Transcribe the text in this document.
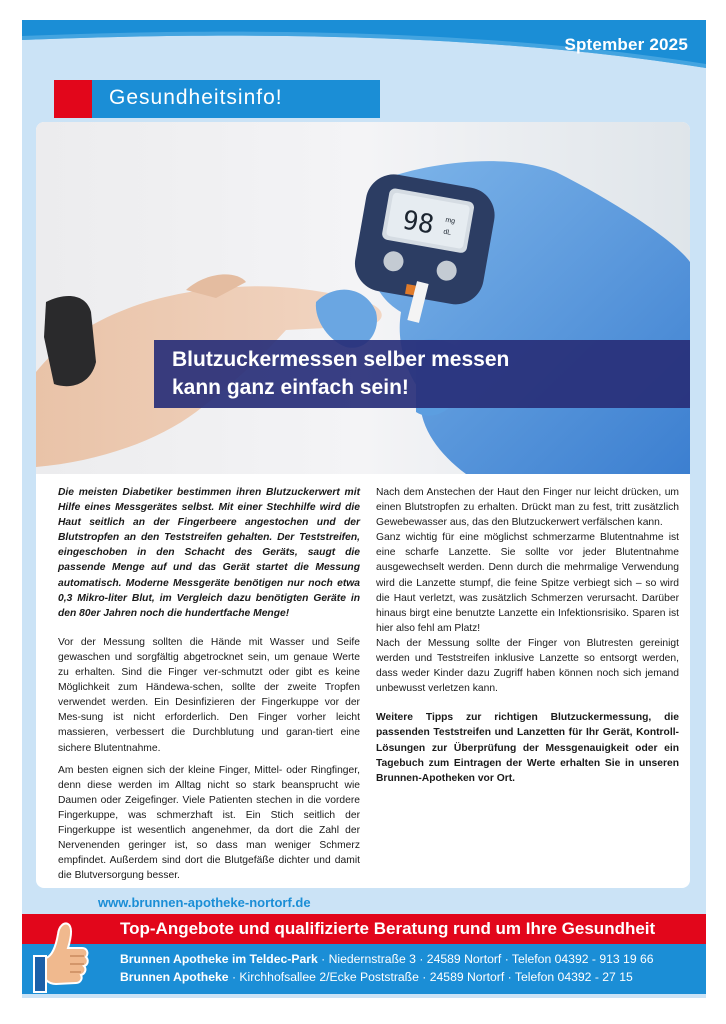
Sptember 2025
Gesundheitsinfo!
98 mg
dL
Blutzuckermessen selber messen
kann ganz einfach sein!

Die meisten Diabetiker bestimmen ihren Blutzuckerwert mit Hilfe eines Messgerätes selbst. Mit einer Stechhilfe wird die Haut seitlich an der Fingerbeere angestochen und der Blutstropfen an den Teststreifen gehalten. Der Teststreifen, eingeschoben in den Schacht des Geräts, saugt die passende Menge auf und das Gerät startet die Messung automatisch. Moderne Messgeräte benötigen nur noch etwa 0,3 Mikro-liter Blut, im Vergleich dazu benötigten Geräte in den 80er Jahren noch die hundertfache Menge!

Vor der Messung sollten die Hände mit Wasser und Seife gewaschen und sorgfältig abgetrocknet sein, um genaue Werte zu erhalten. Sind die Finger ver-schmutzt oder gibt es keine Möglichkeit zum Händewa-schen, sollte der zweite Tropfen verwendet werden. Ein Desinfizieren der Fingerkuppe vor der Mes-sung ist nicht erforderlich. Den Finger vorher leicht massieren, verbessert die Durchblutung und garan-tiert eine sichere Blutentnahme.

Am besten eignen sich der kleine Finger, Mittel- oder Ringfinger, denn diese werden im Alltag nicht so stark beansprucht wie Daumen oder Zeigefinger. Viele Patienten stechen in die vordere Fingerkuppe, was schmerzhaft ist. Ein Stich seitlich der Fingerkuppe ist wesentlich angenehmer, da dort die Zahl der Nervenenden geringer ist, so dass man weniger Schmerz empfindet. Außerdem sind dort die Blutgefäße dichter und damit die Blutversorgung besser.

Nach dem Anstechen der Haut den Finger nur leicht drücken, um einen Blutstropfen zu erhalten. Drückt man zu fest, tritt zusätzlich Gewebewasser aus, das den Blutzuckerwert verfälschen kann.

Ganz wichtig für eine möglichst schmerzarme Blutentnahme ist eine scharfe Lanzette. Sie sollte vor jeder Blutentnahme ausgewechselt werden. Denn durch die mehrmalige Verwendung wird die Lanzette stumpf, die feine Spitze verbiegt sich – so wird die Haut verletzt, was zusätzlich Schmerzen verursacht. Darüber hinaus birgt eine benutzte Lanzette ein Infektionsrisiko. Sparen ist hier also fehl am Platz!

Nach der Messung sollte der Finger von Blutresten gereinigt werden und Teststreifen inklusive Lanzette so entsorgt werden, dass weder Kinder dazu Zugriff haben können noch sich jemand unbewusst verletzen kann.

Weitere Tipps zur richtigen Blutzuckermessung, die passenden Teststreifen und Lanzetten für Ihr Gerät, Kontroll-Lösungen zur Überprüfung der Messgenauigkeit oder ein Tagebuch zum Eintragen der Werte erhalten Sie in unseren Brunnen-Apotheken vor Ort.

www.brunnen-apotheke-nortorf.de
Top-Angebote und qualifizierte Beratung rund um Ihre Gesundheit
Brunnen Apotheke im Teldec-Park · Niedernstraße 3 · 24589 Nortorf · Telefon 04392 - 913 19 66
Brunnen Apotheke · Kirchhofsallee 2/Ecke Poststraße · 24589 Nortorf · Telefon 04392 - 27 15
